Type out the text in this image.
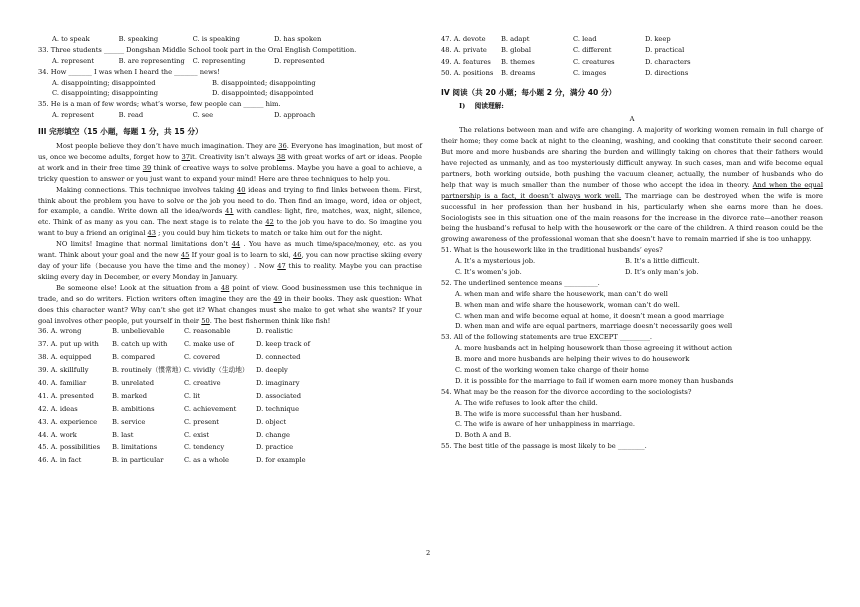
A. to speak	B. speaking	C. is speaking	D. has spoken
33. Three students ______ Dongshan Middle School took part in the Oral English Competition.
A. represent	B. are representing	C. representing	D. represented
34. How _______ I was when I heard the _______ news!
A. disappointing; disappointed	B. disappointed; disappointing
C. disappointing; disappointing	D. disappointed; disappointed
35. He is a man of few words; what’s worse, few people can ______ him.
A. represent	B. read	C. see	D. approach
III 完形填空（15 小题，每题 1 分，共 15 分）

Most people believe they don’t have much imagination. They are 36. Everyone has imagination, but most of us, once we become adults, forget how to 37it. Creativity isn’t always 38 with great works of art or ideas. People at work and in their free time 39 think of creative ways to solve problems. Maybe you have a goal to achieve, a tricky question to answer or you just want to expand your mind! Here are three techniques to help you.

Making connections. This technique involves taking 40 ideas and trying to find links between them. First, think about the problem you have to solve or the job you need to do. Then find an image, word, idea or object, for example, a candle. Write down all the idea/words 41 with candles: light, fire, matches, wax, night, silence, etc. Think of as many as you can. The next stage is to relate the 42 to the job you have to do. So imagine you want to buy a friend an original 43 ; you could buy him tickets to match or take him out for the night.

NO limits! Imagine that normal limitations don’t 44 . You have as much time/space/money, etc. as you want. Think about your goal and the new 45 If your goal is to learn to ski, 46, you can now practise skiing every day of your life（because you have the time and the money）. Now 47 this to reality. Maybe you can practise skiing every day in December, or every Monday in January.

Be someone else! Look at the situation from a 48 point of view. Good businessmen use this technique in trade, and so do writers. Fiction writers often imagine they are the 49 in their books. They ask question: What does this character want? Why can’t she get it? What changes must she make to get what she wants? If your goal involves other people, put yourself in their 50. The best fishermen think like fish!

36. A. wrong	B. unbelievable	C. reasonable	D. realistic
37. A. put up with	B. catch up with	C. make use of	D. keep track of
38. A. equipped	B. compared	C. covered	D. connected
39. A. skillfully	B. routinely（惯常地）
C. vividly（生动地）	D. deeply
40. A. familiar	B. unrelated	C. creative	D. imaginary
41. A. presented	B. marked	C. lit	D. associated
42. A. ideas	B. ambitions	C. achievement	D. technique
43. A. experience	B. service	C. present	D. object
44. A. work	B. last	C. exist	D. change
45. A. possibilities	B. limitations	C. tendency	D. practice
46. A. in fact	B. in particular	C. as a whole	D. for example
47. A. devote	B. adapt	C. lead	D. keep
48. A. private	B. global	C. different	D. practical
49. A. features	B. themes	C. creatures	D. characters
50. A. positions	B. dreams	C. images	D. directions
IV 阅读（共 20 小题；每小题 2 分，满分 40 分）
I) 阅读理解:
A

The relations between man and wife are changing. A majority of working women remain in full charge of their home; they come back at night to the cleaning, washing, and cooking that constitute their second career. But more and more husbands are sharing the burden and willingly taking on chores that their fathers would have rejected as unmanly, and as too mysteriously difficult anyway. In such cases, man and wife become equal partners, both working outside, both pushing the vacuum cleaner, actually, the number of husbands who do help that way is much smaller than the number of those who accept the idea in theory. And when the equal partnership is a fact, it doesn’t always work well. The marriage can be destroyed when the wife is more successful in her profession than her husband in his, particularly when she earns more than he does. Sociologists see in this situation one of the main reasons for the increase in the divorce rate—another reason being the husband’s refusal to help with the housework or the care of the children. A third reason could be the growing awareness of the professional woman that she doesn’t have to remain married if she is too unhappy.

51. What is the housework like in the traditional husbands’ eyes?
A. It’s a mysterious job.	B. It’s a little difficult.
C. It’s women’s job.	D. It’s only man’s job.
52. The underlined sentence means __________.
A. when man and wife share the housework, man can’t do well
B. when man and wife share the housework, woman can’t do well.
C. when man and wife become equal at home, it doesn’t mean a good marriage
D. when man and wife are equal partners, marriage doesn’t necessarily goes well
53. All of the following statements are true EXCEPT _________.
A. more husbands act in helping housework than those agreeing it without action
B. more and more husbands are helping their wives to do housework
C. most of the working women take charge of their home
D. it is possible for the marriage to fail if women earn more money than husbands
54. What may be the reason for the divorce according to the sociologists?
A. The wife refuses to look after the child.
B. The wife is more successful than her husband.
C. The wife is aware of her unhappiness in marriage.
D. Both A and B.
55. The best title of the passage is most likely to be ________.
2
